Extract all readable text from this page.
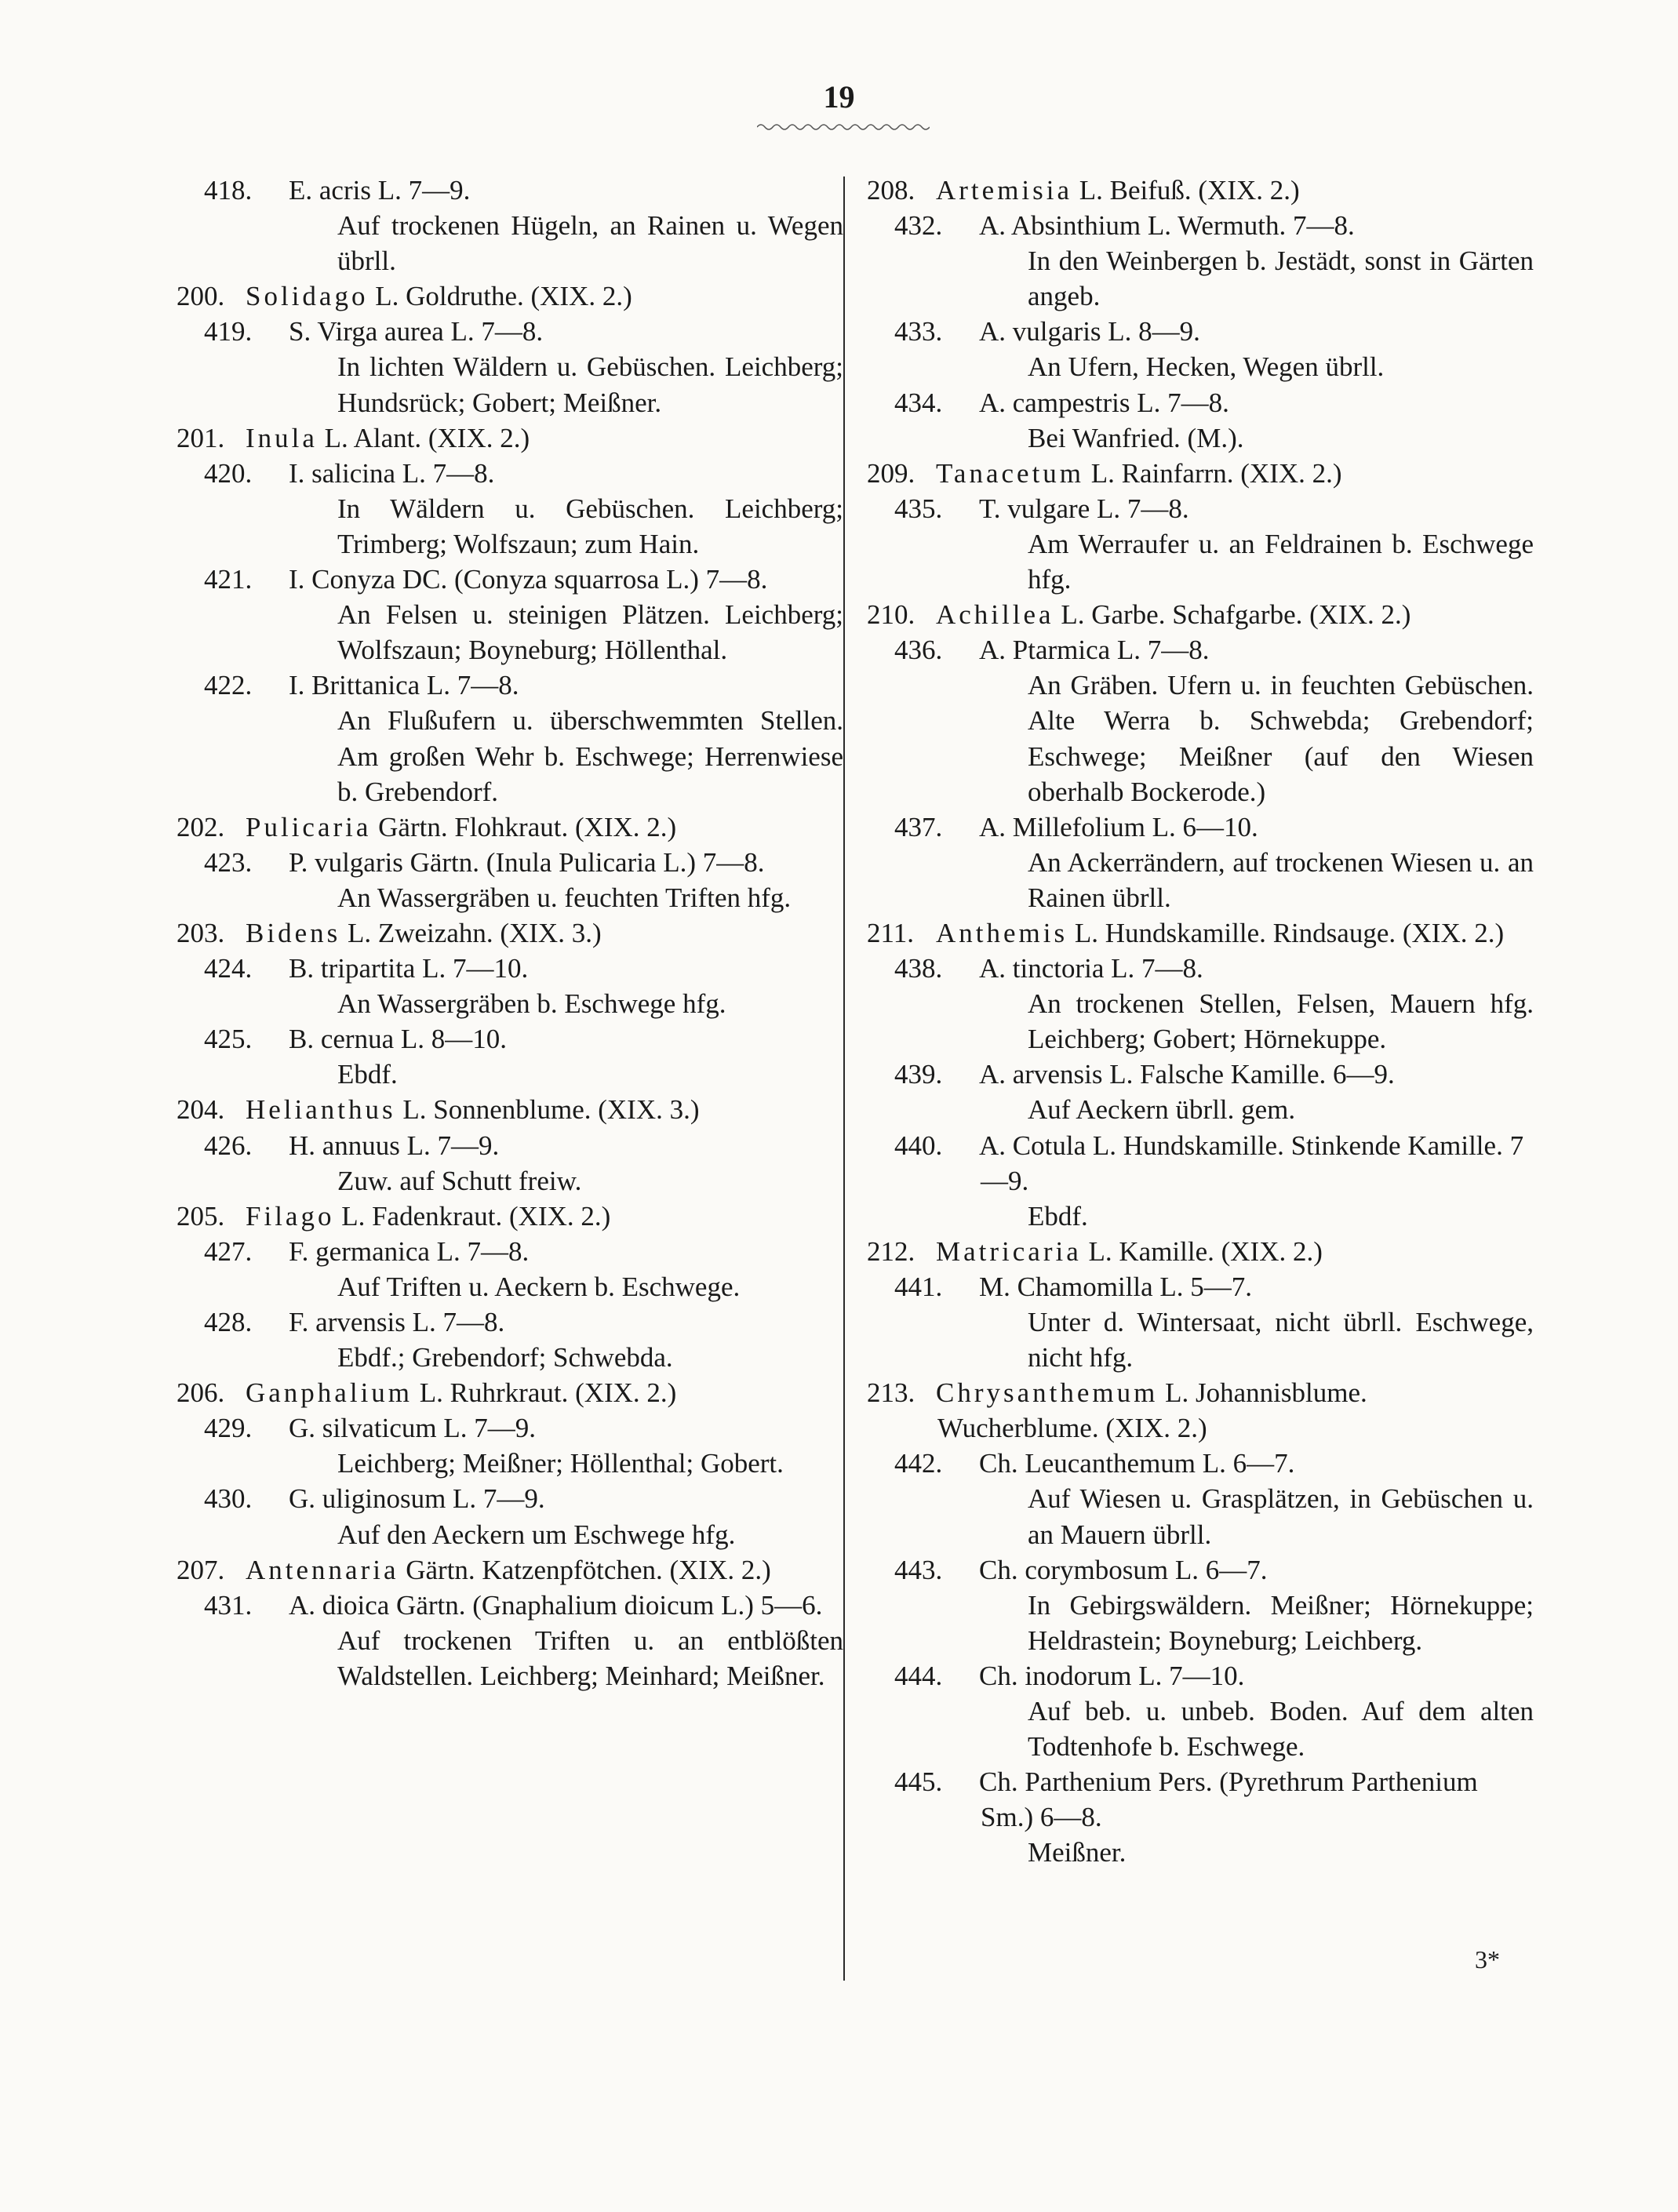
19
418. E. acris L. 7—9.
Auf trockenen Hügeln, an Rainen u. Wegen übrll.
200. Solidago L. Goldruthe. (XIX. 2.)
419. S. Virga aurea L. 7—8.
In lichten Wäldern u. Gebüschen. Leichberg; Hundsrück; Gobert; Meißner.
201. Inula L. Alant. (XIX. 2.)
420. I. salicina L. 7—8.
In Wäldern u. Gebüschen. Leichberg; Trimberg; Wolfszaun; zum Hain.
421. I. Conyza DC. (Conyza squarrosa L.) 7—8.
An Felsen u. steinigen Plätzen. Leichberg; Wolfszaun; Boyneburg; Höllenthal.
422. I. Brittanica L. 7—8.
An Flußufern u. überschwemmten Stellen. Am großen Wehr b. Eschwege; Herrenwiese b. Grebendorf.
202. Pulicaria Gärtn. Flohkraut. (XIX. 2.)
423. P. vulgaris Gärtn. (Inula Pulicaria L.) 7—8.
An Wassergräben u. feuchten Triften hfg.
203. Bidens L. Zweizahn. (XIX. 3.)
424. B. tripartita L. 7—10.
An Wassergräben b. Eschwege hfg.
425. B. cernua L. 8—10.
Ebdf.
204. Helianthus L. Sonnenblume. (XIX. 3.)
426. H. annuus L. 7—9.
Zuw. auf Schutt freiw.
205. Filago L. Fadenkraut. (XIX. 2.)
427. F. germanica L. 7—8.
Auf Triften u. Aeckern b. Eschwege.
428. F. arvensis L. 7—8.
Ebdf.; Grebendorf; Schwebda.
206. Ganphalium L. Ruhrkraut. (XIX. 2.)
429. G. silvaticum L. 7—9.
Leichberg; Meißner; Höllenthal; Gobert.
430. G. uliginosum L. 7—9.
Auf den Aeckern um Eschwege hfg.
207. Antennaria Gärtn. Katzenpfötchen. (XIX. 2.)
431. A. dioica Gärtn. (Gnaphalium dioicum L.) 5—6.
Auf trockenen Triften u. an entblößten Waldstellen. Leichberg; Meinhard; Meißner.
208. Artemisia L. Beifuß. (XIX. 2.)
432. A. Absinthium L. Wermuth. 7—8.
In den Weinbergen b. Jestädt, sonst in Gärten angeb.
433. A. vulgaris L. 8—9.
An Ufern, Hecken, Wegen übrll.
434. A. campestris L. 7—8.
Bei Wanfried. (M.).
209. Tanacetum L. Rainfarrn. (XIX. 2.)
435. T. vulgare L. 7—8.
Am Werraufer u. an Feldrainen b. Eschwege hfg.
210. Achillea L. Garbe. Schafgarbe. (XIX. 2.)
436. A. Ptarmica L. 7—8.
An Gräben. Ufern u. in feuchten Gebüschen. Alte Werra b. Schwebda; Grebendorf; Eschwege; Meißner (auf den Wiesen oberhalb Bockerode.)
437. A. Millefolium L. 6—10.
An Ackerrändern, auf trockenen Wiesen u. an Rainen übrll.
211. Anthemis L. Hundskamille. Rindsauge. (XIX. 2.)
438. A. tinctoria L. 7—8.
An trockenen Stellen, Felsen, Mauern hfg. Leichberg; Gobert; Hörnekuppe.
439. A. arvensis L. Falsche Kamille. 6—9.
Auf Aeckern übrll. gem.
440. A. Cotula L. Hundskamille. Stinkende Kamille. 7—9.
Ebdf.
212. Matricaria L. Kamille. (XIX. 2.)
441. M. Chamomilla L. 5—7.
Unter d. Wintersaat, nicht übrll. Eschwege, nicht hfg.
213. Chrysanthemum L. Johannisblume. Wucherblume. (XIX. 2.)
442. Ch. Leucanthemum L. 6—7.
Auf Wiesen u. Grasplätzen, in Gebüschen u. an Mauern übrll.
443. Ch. corymbosum L. 6—7.
In Gebirgswäldern. Meißner; Hörnekuppe; Heldrastein; Boyneburg; Leichberg.
444. Ch. inodorum L. 7—10.
Auf beb. u. unbeb. Boden. Auf dem alten Todtenhofe b. Eschwege.
445. Ch. Parthenium Pers. (Pyrethrum Parthenium Sm.) 6—8.
Meißner.
3*
